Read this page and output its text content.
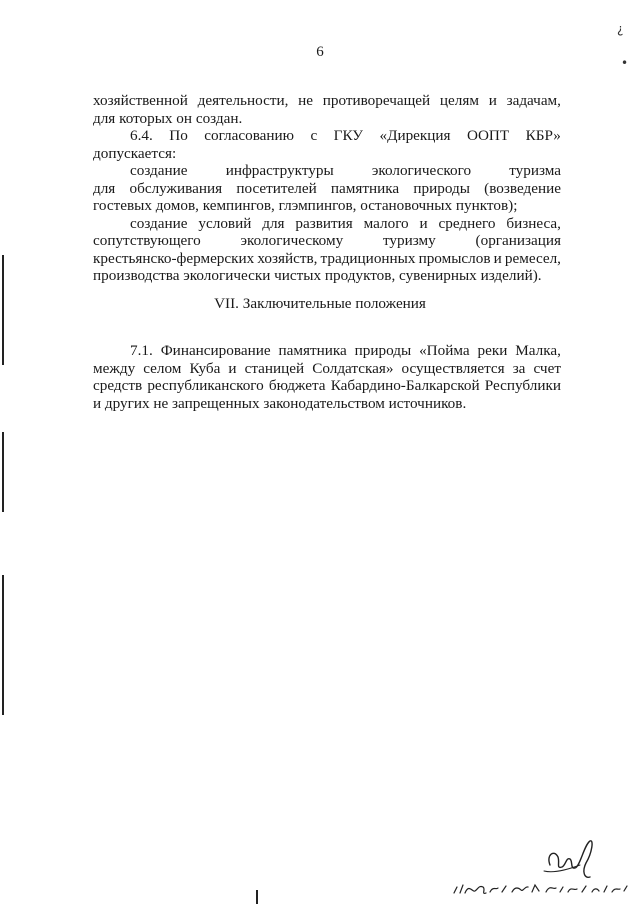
6
хозяйственной деятельности, не противоречащей целям и задачам,
для которых он создан.
6.4. По согласованию с ГКУ «Дирекция ООПТ КБР»
допускается:
создание	инфраструктуры	экологического	туризма
для обслуживания посетителей памятника природы (возведение
гостевых домов, кемпингов, глэмпингов, остановочных пунктов);
создание условий для развития малого и среднего бизнеса,
сопутствующего	экологическому	туризму	(организация
крестьянско-фермерских хозяйств, традиционных промыслов и ремесел,
производства экологически чистых продуктов, сувенирных изделий).
VII. Заключительные положения
7.1. Финансирование памятника природы «Пойма реки Малка,
между селом Куба и станицей Солдатская» осуществляется за счет
средств республиканского бюджета Кабардино-Балкарской Республики
и других не запрещенных законодательством источников.
¿
•
